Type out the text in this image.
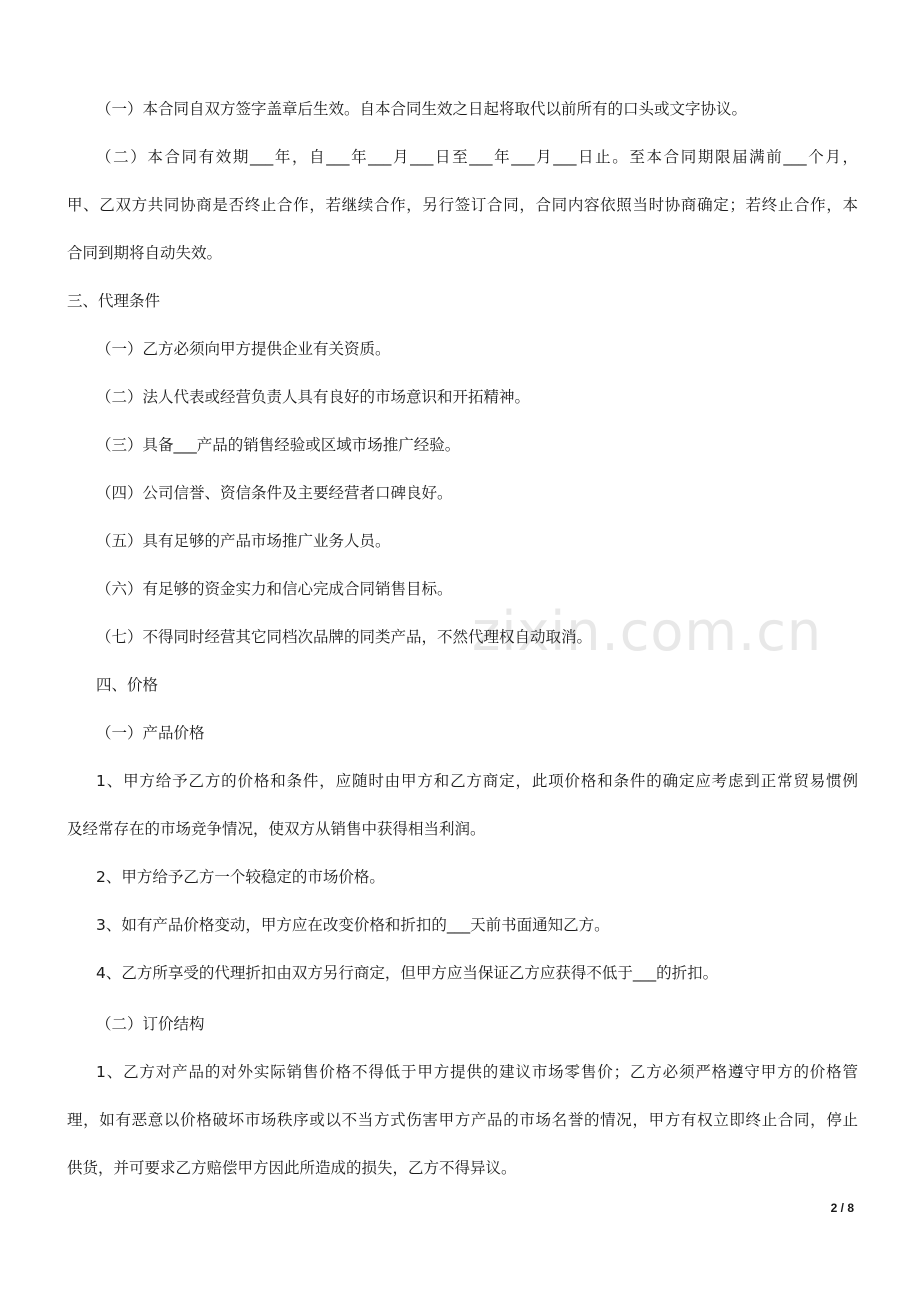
zixin.com.cn
（一）本合同自双方签字盖章后生效。自本合同生效之日起将取代以前所有的口头或文字协议。
（二）本合同有效期___年，自___年___月___日至___年___月___日止。至本合同期限届满前___个月，
甲、乙双方共同协商是否终止合作，若继续合作，另行签订合同，合同内容依照当时协商确定；若终止合作，本
合同到期将自动失效。
三、代理条件
（一）乙方必须向甲方提供企业有关资质。
（二）法人代表或经营负责人具有良好的市场意识和开拓精神。
（三）具备___产品的销售经验或区域市场推广经验。
（四）公司信誉、资信条件及主要经营者口碑良好。
（五）具有足够的产品市场推广业务人员。
（六）有足够的资金实力和信心完成合同销售目标。
（七）不得同时经营其它同档次品牌的同类产品，不然代理权自动取消。
四、价格
（一）产品价格
1、甲方给予乙方的价格和条件，应随时由甲方和乙方商定，此项价格和条件的确定应考虑到正常贸易惯例
及经常存在的市场竞争情况，使双方从销售中获得相当利润。
2、甲方给予乙方一个较稳定的市场价格。
3、如有产品价格变动，甲方应在改变价格和折扣的___天前书面通知乙方。
4、乙方所享受的代理折扣由双方另行商定，但甲方应当保证乙方应获得不低于___的折扣。
（二）订价结构
1、乙方对产品的对外实际销售价格不得低于甲方提供的建议市场零售价；乙方必须严格遵守甲方的价格管
理，如有恶意以价格破坏市场秩序或以不当方式伤害甲方产品的市场名誉的情况，甲方有权立即终止合同，停止
供货，并可要求乙方赔偿甲方因此所造成的损失，乙方不得异议。
2 / 8
